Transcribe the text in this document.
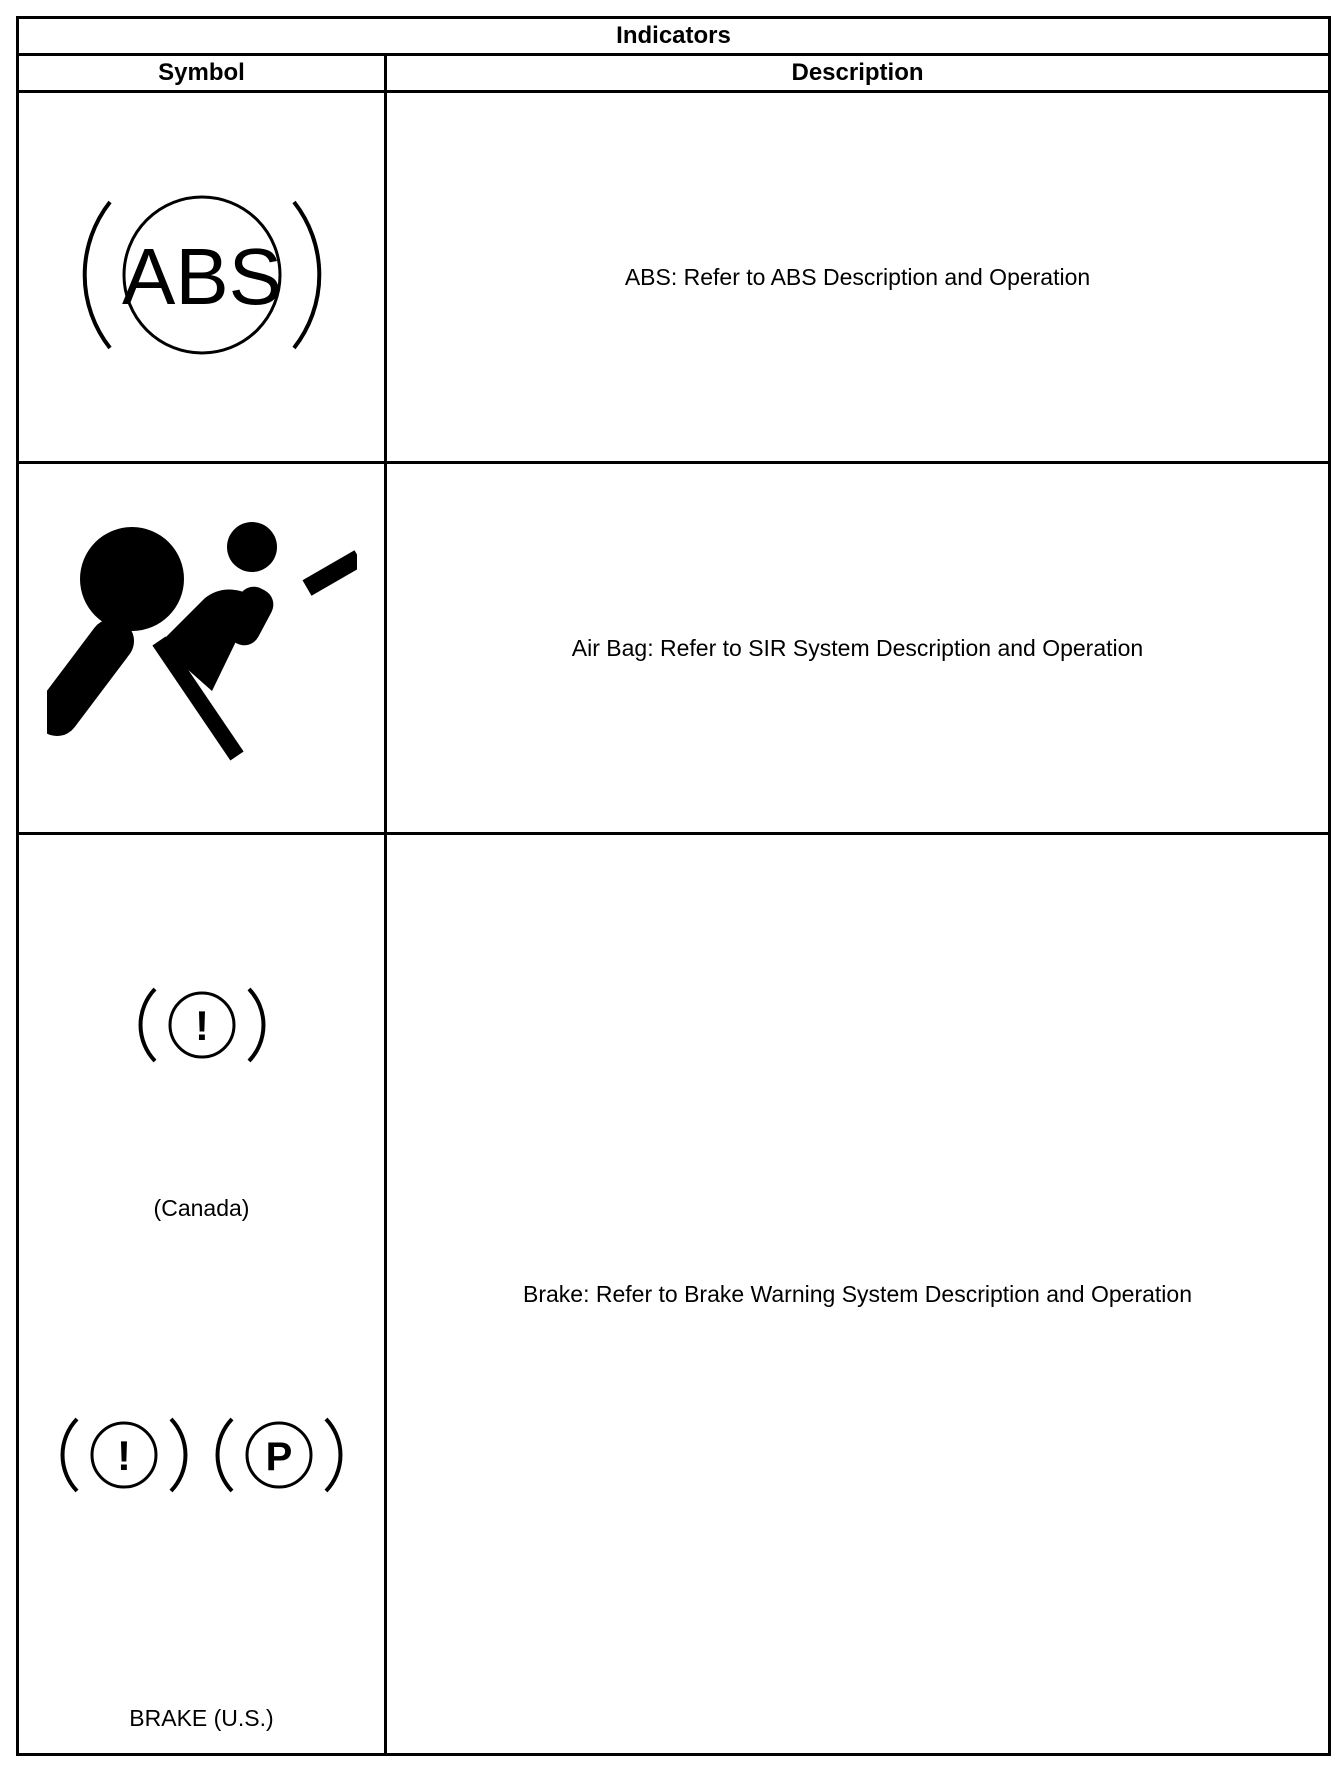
Indicators	
Symbol	Description

ABS	ABS: Refer to ABS Description and Operation
	Air Bag: Refer to SIR System Description and Operation

!
(Canada)
!
P
BRAKE (U.S.)	Brake: Refer to Brake Warning System Description and Operation
